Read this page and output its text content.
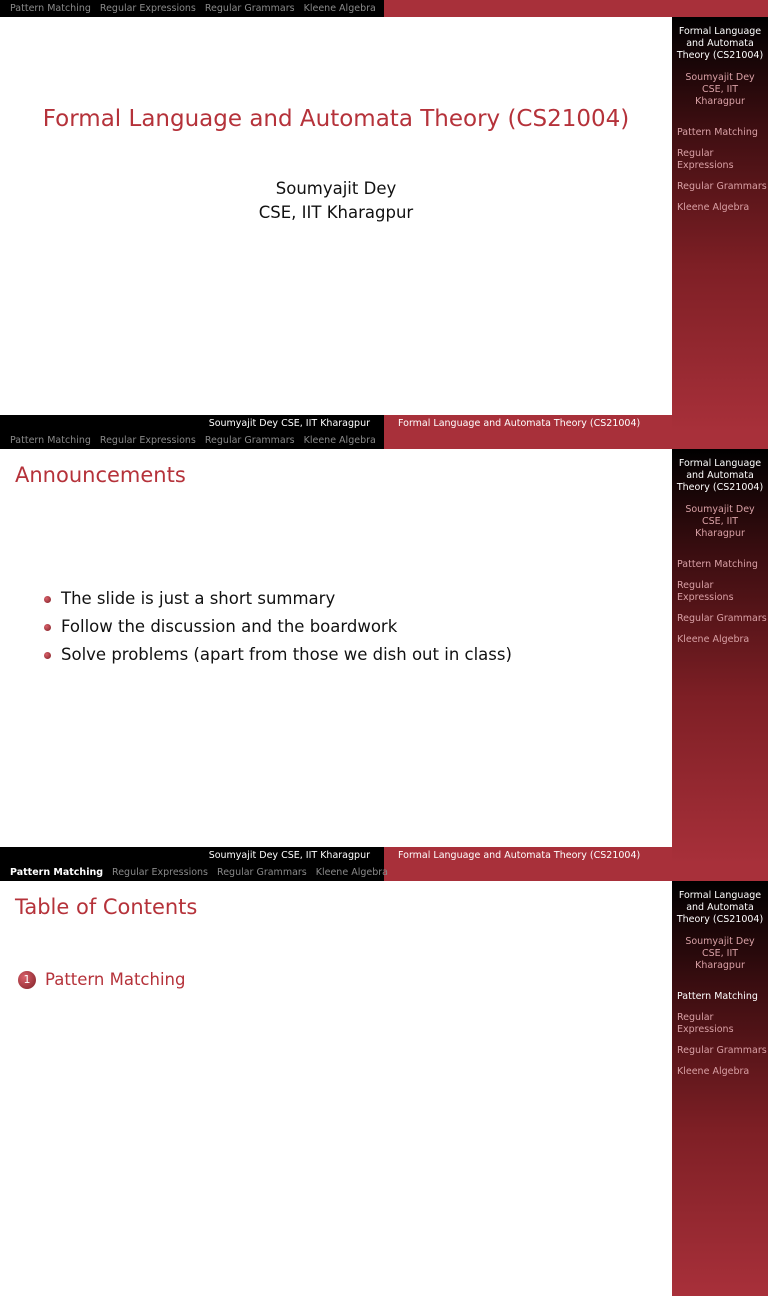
Pattern Matching Regular Expressions Regular Grammars Kleene Algebra
Formal Language and Automata Theory (CS21004)
Soumyajit Dey CSE, IIT Kharagpur
Pattern Matching
Regular Expressions
Regular Grammars
Kleene Algebra
Formal Language and Automata Theory (CS21004)
Soumyajit Dey
CSE, IIT Kharagpur
Soumyajit Dey CSE, IIT Kharagpur	Formal Language and Automata Theory (CS21004)
Pattern Matching Regular Expressions Regular Grammars Kleene Algebra
Formal Language and Automata Theory (CS21004)
Soumyajit Dey CSE, IIT Kharagpur
Pattern Matching
Regular Expressions
Regular Grammars
Kleene Algebra
Announcements
The slide is just a short summary
Follow the discussion and the boardwork
Solve problems (apart from those we dish out in class)
Soumyajit Dey CSE, IIT Kharagpur	Formal Language and Automata Theory (CS21004)
Pattern Matching Regular Expressions Regular Grammars Kleene Algebra
Formal Language and Automata Theory (CS21004)
Soumyajit Dey CSE, IIT Kharagpur
Pattern Matching
Regular Expressions
Regular Grammars
Kleene Algebra
Table of Contents
1 Pattern Matching
